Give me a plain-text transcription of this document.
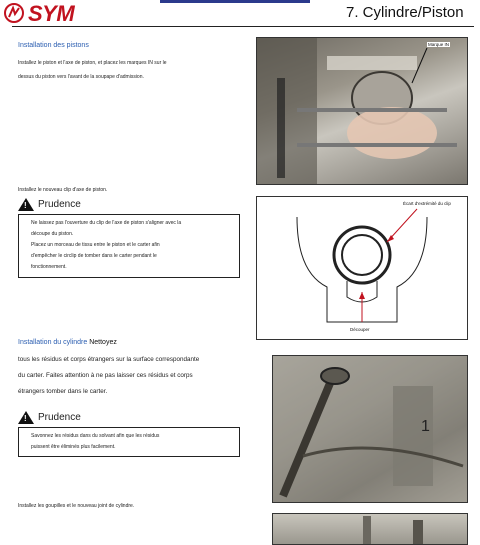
SYM	7. Cylindre/Piston
Installation des pistons
Installez le piston et l'axe de piston, et placez les marques IN sur le
dessus du piston vers l'avant de la soupape d'admission.
Marque IN
Installez le nouveau clip d'axe de piston.
!
Prudence
Ne laissez pas l'ouverture du clip de l'axe de piston s'aligner avec la
découpe du piston.
Placez un morceau de tissu entre le piston et le carter afin
d'empêcher le circlip de tomber dans le carter pendant le
fonctionnement.
Écart d'extrémité du clip
Découper
Installation du cylindre Nettoyez
tous les résidus et corps étrangers sur la surface correspondante
du carter. Faites attention à ne pas laisser ces résidus et corps
étrangers tomber dans le carter.
!
Prudence
Savonnez les résidus dans du solvant afin que les résidus
puissent être éliminés plus facilement.
1
Installez les goupilles et le nouveau joint de cylindre.
